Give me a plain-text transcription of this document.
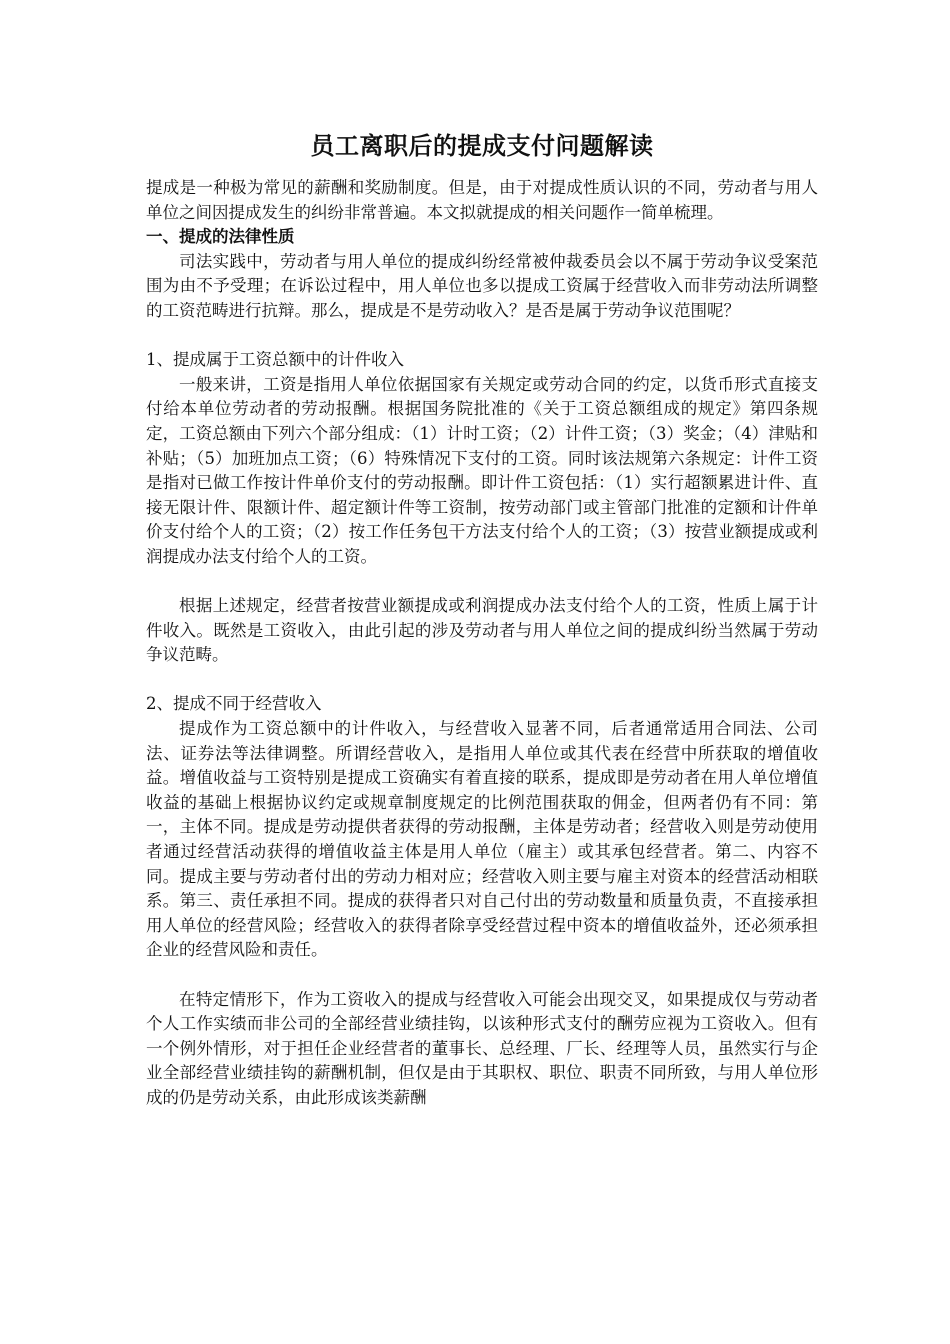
员工离职后的提成支付问题解读

提成是一种极为常见的薪酬和奖励制度。但是，由于对提成性质认识的不同，劳动者与用人单位之间因提成发生的纠纷非常普遍。本文拟就提成的相关问题作一简单梳理。

一、提成的法律性质

司法实践中，劳动者与用人单位的提成纠纷经常被仲裁委员会以不属于劳动争议受案范围为由不予受理；在诉讼过程中，用人单位也多以提成工资属于经营收入而非劳动法所调整的工资范畴进行抗辩。那么，提成是不是劳动收入？是否是属于劳动争议范围呢？

1、提成属于工资总额中的计件收入

一般来讲，工资是指用人单位依据国家有关规定或劳动合同的约定，以货币形式直接支付给本单位劳动者的劳动报酬。根据国务院批准的《关于工资总额组成的规定》第四条规定，工资总额由下列六个部分组成：（1）计时工资；（2）计件工资；（3）奖金；（4）津贴和补贴；（5）加班加点工资；（6）特殊情况下支付的工资。同时该法规第六条规定：计件工资是指对已做工作按计件单价支付的劳动报酬。即计件工资包括：（1）实行超额累进计件、直接无限计件、限额计件、超定额计件等工资制，按劳动部门或主管部门批准的定额和计件单价支付给个人的工资；（2）按工作任务包干方法支付给个人的工资；（3）按营业额提成或利润提成办法支付给个人的工资。

根据上述规定，经营者按营业额提成或利润提成办法支付给个人的工资，性质上属于计件收入。既然是工资收入，由此引起的涉及劳动者与用人单位之间的提成纠纷当然属于劳动争议范畴。

2、提成不同于经营收入

提成作为工资总额中的计件收入，与经营收入显著不同，后者通常适用合同法、公司法、证券法等法律调整。所谓经营收入，是指用人单位或其代表在经营中所获取的增值收益。增值收益与工资特别是提成工资确实有着直接的联系，提成即是劳动者在用人单位增值收益的基础上根据协议约定或规章制度规定的比例范围获取的佣金，但两者仍有不同：第一，主体不同。提成是劳动提供者获得的劳动报酬，主体是劳动者；经营收入则是劳动使用者通过经营活动获得的增值收益主体是用人单位（雇主）或其承包经营者。第二、内容不同。提成主要与劳动者付出的劳动力相对应；经营收入则主要与雇主对资本的经营活动相联系。第三、责任承担不同。提成的获得者只对自己付出的劳动数量和质量负责，不直接承担用人单位的经营风险；经营收入的获得者除享受经营过程中资本的增值收益外，还必须承担企业的经营风险和责任。

在特定情形下，作为工资收入的提成与经营收入可能会出现交叉，如果提成仅与劳动者个人工作实绩而非公司的全部经营业绩挂钩，以该种形式支付的酬劳应视为工资收入。但有一个例外情形，对于担任企业经营者的董事长、总经理、厂长、经理等人员，虽然实行与企业全部经营业绩挂钩的薪酬机制，但仅是由于其职权、职位、职责不同所致，与用人单位形成的仍是劳动关系，由此形成该类薪酬
